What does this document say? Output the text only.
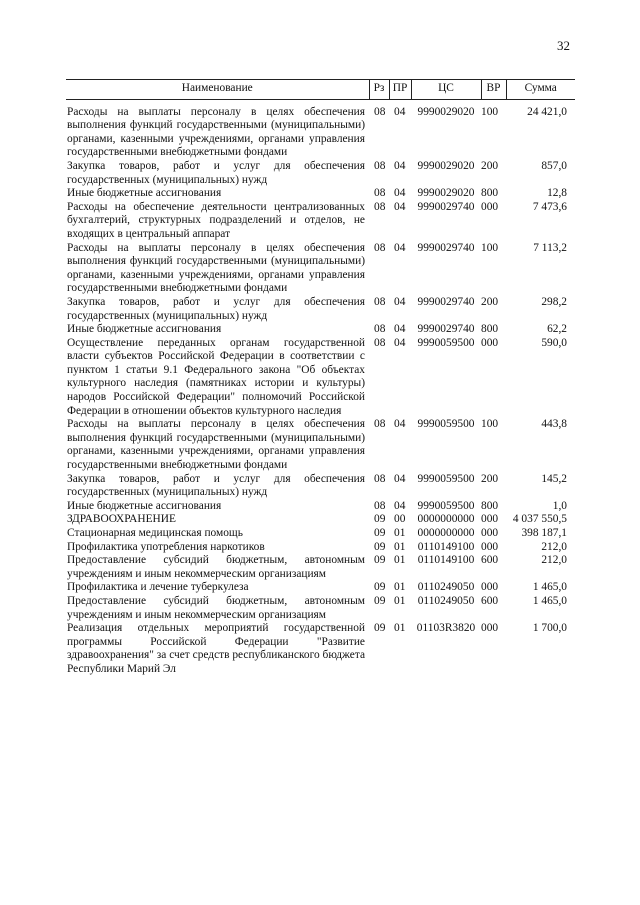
32
Наименование	Рз	ПР	ЦС	ВР	Сумма
Расходы на выплаты персоналу в целях обеспечения выполнения функций государственными (муниципальными) органами, казенными учреждениями, органами управления государственными внебюджетными фондами	08	04	9990029020	100	24 421,0
Закупка товаров, работ и услуг для обеспечения государственных (муниципальных) нужд	08	04	9990029020	200	857,0
Иные бюджетные ассигнования	08	04	9990029020	800	12,8
Расходы на обеспечение деятельности централизованных бухгалтерий, структурных подразделений и отделов, не входящих в центральный аппарат	08	04	9990029740	000	7 473,6
Расходы на выплаты персоналу в целях обеспечения выполнения функций государственными (муниципальными) органами, казенными учреждениями, органами управления государственными внебюджетными фондами	08	04	9990029740	100	7 113,2
Закупка товаров, работ и услуг для обеспечения государственных (муниципальных) нужд	08	04	9990029740	200	298,2
Иные бюджетные ассигнования	08	04	9990029740	800	62,2
Осуществление переданных органам государственной власти субъектов Российской Федерации в соответствии с пунктом 1 статьи 9.1 Федерального закона "Об объектах культурного наследия (памятниках истории и культуры) народов Российской Федерации" полномочий Российской Федерации в отношении объектов культурного наследия	08	04	9990059500	000	590,0
Расходы на выплаты персоналу в целях обеспечения выполнения функций государственными (муниципальными) органами, казенными учреждениями, органами управления государственными внебюджетными фондами	08	04	9990059500	100	443,8
Закупка товаров, работ и услуг для обеспечения государственных (муниципальных) нужд	08	04	9990059500	200	145,2
Иные бюджетные ассигнования	08	04	9990059500	800	1,0
ЗДРАВООХРАНЕНИЕ	09	00	0000000000	000	4 037 550,5
Стационарная медицинская помощь	09	01	0000000000	000	398 187,1
Профилактика употребления наркотиков	09	01	0110149100	000	212,0
Предоставление субсидий бюджетным, автономным учреждениям и иным некоммерческим организациям	09	01	0110149100	600	212,0
Профилактика и лечение туберкулеза	09	01	0110249050	000	1 465,0
Предоставление субсидий бюджетным, автономным учреждениям и иным некоммерческим организациям	09	01	0110249050	600	1 465,0
Реализация отдельных мероприятий государственной программы Российской Федерации "Развитие здравоохранения" за счет средств республиканского бюджета Республики Марий Эл	09	01	01103R3820	000	1 700,0
